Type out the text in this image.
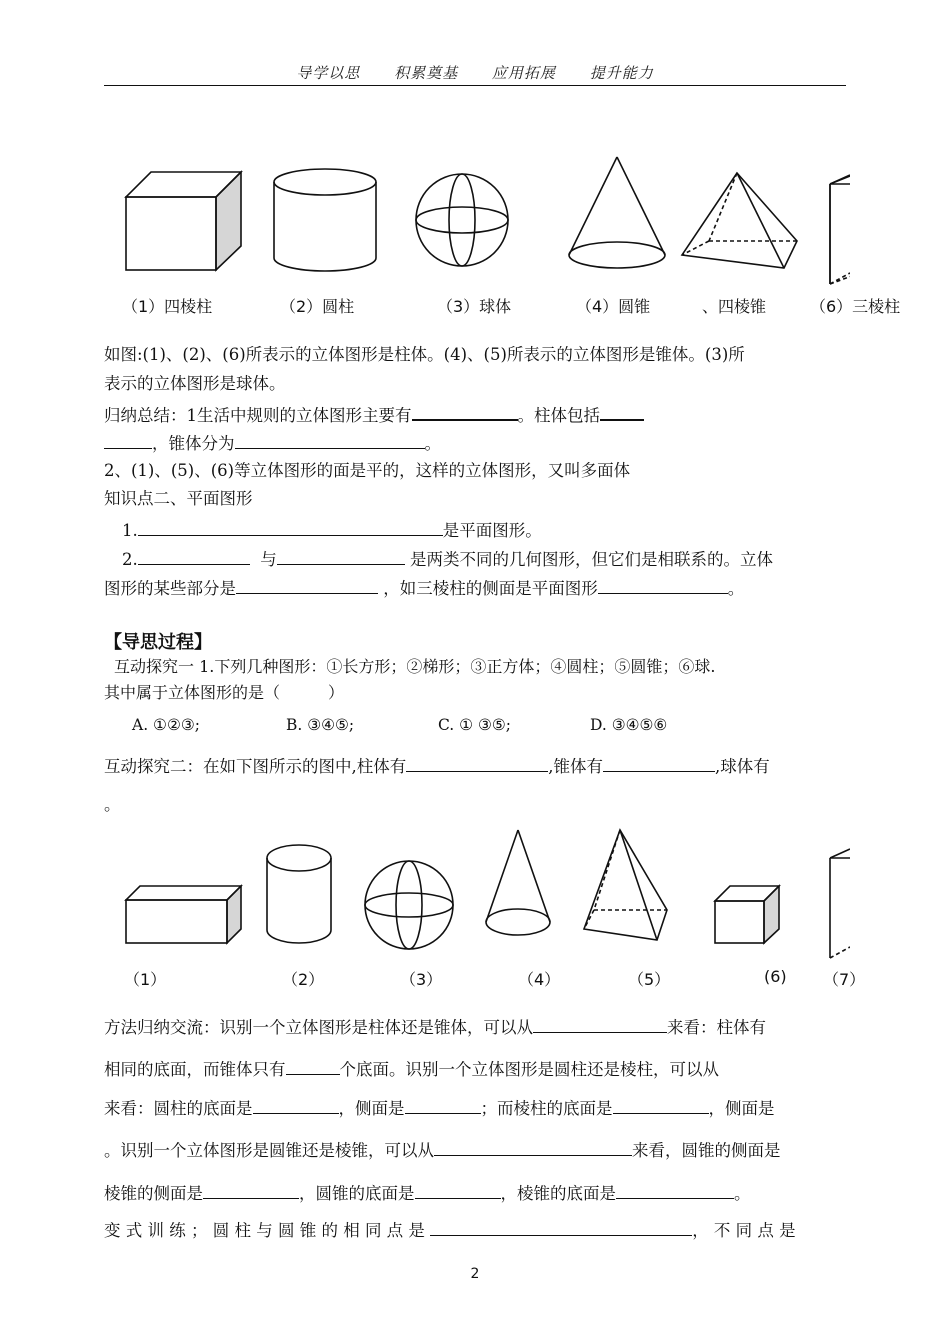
导学以思 积累奠基 应用拓展 提升能力
（1）四棱柱	（2）圆柱	（3）球体	（4）圆锥	、四棱锥	（6）三棱柱
如图:(1)、(2)、(6)所表示的立体图形是柱体。(4)、(5)所表示的立体图形是锥体。(3)所
表示的立体图形是球体。
归纳总结：1生活中规则的立体图形主要有	。柱体包括
，锥体分为	。
2、(1)、(5)、(6)等立体图形的面是平的，这样的立体图形，又叫多面体
知识点二、平面图形
1.	是平面图形。
2.	与	是两类不同的几何图形，但它们是相联系的。立体
图形的某些部分是	，如三棱柱的侧面是平面图形	。
【导思过程】
互动探究一 1.下列几种图形：①长方形；②梯形；③正方体；④圆柱；⑤圆锥；⑥球.
其中属于立体图形的是（　　　）
A. ①②③;	B. ③④⑤;	C. ① ③⑤;	D. ③④⑤⑥
互动探究二：在如下图所示的图中,柱体有	,锥体有	,球体有
。
（1）	（2）	（3）	（4）	（5）	(6) （7）
方法归纳交流：识别一个立体图形是柱体还是锥体，可以从	来看：柱体有
相同的底面，而锥体只有	个底面。识别一个立体图形是圆柱还是棱柱，可以从
来看：圆柱的底面是	，侧面是	；而棱柱的底面是	，侧面是
。识别一个立体图形是圆锥还是棱锥，可以从	来看，圆锥的侧面是
棱锥的侧面是	，圆锥的底面是	，棱锥的底面是	。
变 式 训 练 ； 圆 柱 与 圆 锥 的 相 同 点 是	， 不 同 点 是
2
